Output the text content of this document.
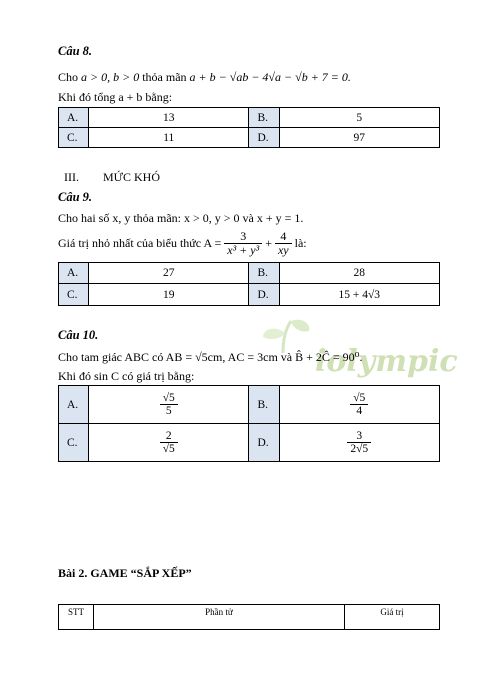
Câu 8.
Cho a > 0, b > 0 thỏa mãn a + b − √ab − 4√a − √b + 7 = 0.
Khi đó tổng a + b bằng:
A.	13	B.	5
C.	11	D.	97
III. MỨC KHÓ
Câu 9.
Cho hai số x, y thỏa mãn: x > 0, y > 0 và x + y = 1.
Giá trị nhỏ nhất của biểu thức $A = \frac{3}{\text{x³ + y³}} + \frac{4}{xy}$ là:
A.	27	B.	28
C.	19	D.	15 + 4√3
iolympic
Câu 10.
Cho tam giác ABC có AB = √5cm, AC = 3cm và B̂ + 2Ĉ = 90⁰.
Khi đó sin C có giá trị bằng:
A.	$\frac{√5}{5}$	B.	$\frac{√5}{4}$

C.	$\frac{2}{√5}$	D.	$\frac{3}{2√5}$
Bài 2. GAME “SẮP XẾP”
STT	Phần tử	Giá trị
